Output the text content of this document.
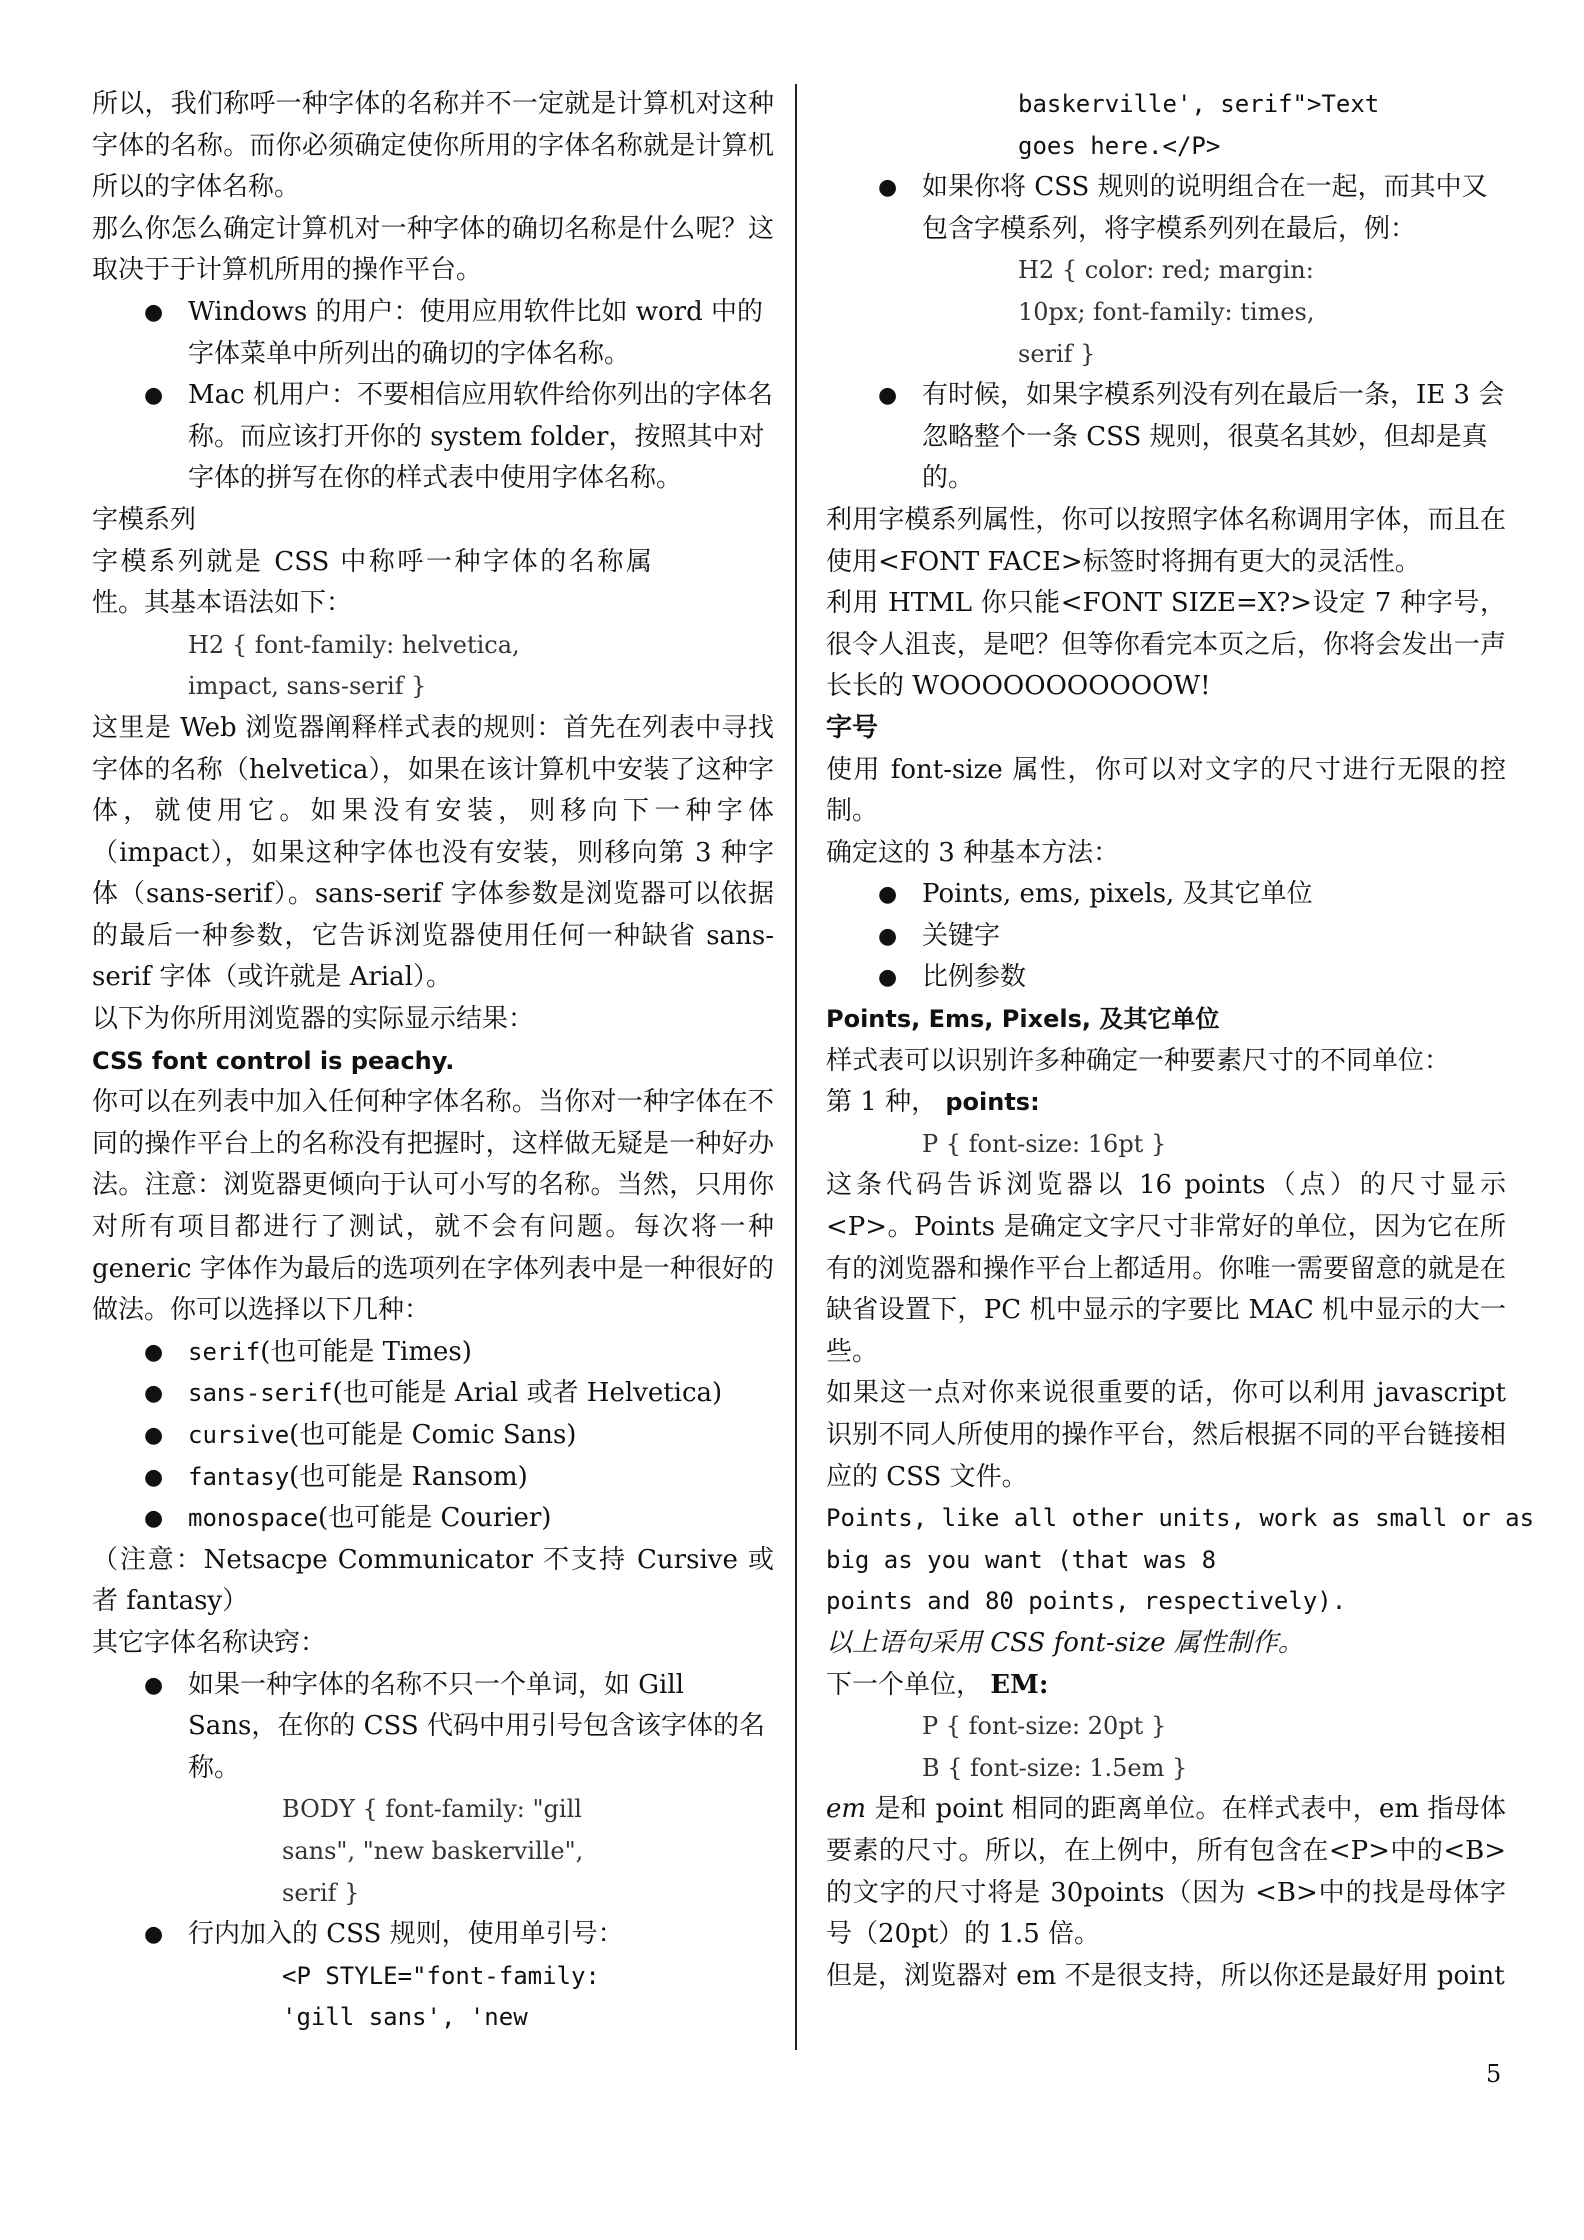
所以，我们称呼一种字体的名称并不一定就是计算机对这种字体的名称。而你必须确定使你所用的字体名称就是计算机所以的字体名称。

那么你怎么确定计算机对一种字体的确切名称是什么呢？这取决于于计算机所用的操作平台。

● Windows 的用户：使用应用软件比如 word 中的字体菜单中所列出的确切的字体名称。
● Mac 机用户：不要相信应用软件给你列出的字体名称。而应该打开你的 system folder，按照其中对字体的拼写在你的样式表中使用字体名称。

字模系列

字模系列就是 CSS 中称呼一种字体的名称属性。其基本语法如下：

H2 { font-family: helvetica,
impact, sans-serif }

这里是 Web 浏览器阐释样式表的规则：首先在列表中寻找字体的名称（helvetica），如果在该计算机中安装了这种字体，就使用它。如果没有安装，则移向下一种字体（impact），如果这种字体也没有安装，则移向第 3 种字体（sans-serif）。sans-serif 字体参数是浏览器可以依据的最后一种参数，它告诉浏览器使用任何一种缺省 sans-serif 字体（或许就是 Arial）。

以下为你所用浏览器的实际显示结果：

CSS font control is peachy.

你可以在列表中加入任何种字体名称。当你对一种字体在不同的操作平台上的名称没有把握时，这样做无疑是一种好办法。注意：浏览器更倾向于认可小写的名称。当然，只用你对所有项目都进行了测试，就不会有问题。每次将一种 generic 字体作为最后的选项列在字体列表中是一种很好的做法。你可以选择以下几种：

● serif(也可能是 Times)
● sans-serif(也可能是 Arial 或者 Helvetica)
● cursive(也可能是 Comic Sans)
● fantasy(也可能是 Ransom)
● monospace(也可能是 Courier)

（注意：Netsacpe Communicator 不支持 Cursive 或者 fantasy）

其它字体名称诀窍：

● 如果一种字体的名称不只一个单词，如 Gill Sans，在你的 CSS 代码中用引号包含该字体的名称。
BODY { font-family: "gill
sans", "new baskerville",
serif }
● 行内加入的 CSS 规则，使用单引号：
<P STYLE="font-family:
'gill sans', 'new
baskerville', serif">Text
goes here.</P>
● 如果你将 CSS 规则的说明组合在一起，而其中又包含字模系列，将字模系列列在最后，例：
H2 { color: red; margin:
10px; font-family: times,
serif }
● 有时候，如果字模系列没有列在最后一条，IE 3 会忽略整个一条 CSS 规则，很莫名其妙，但却是真的。

利用字模系列属性，你可以按照字体名称调用字体，而且在使用<FONT FACE>标签时将拥有更大的灵活性。

利用 HTML 你只能<FONT SIZE=X?>设定 7 种字号，很令人沮丧，是吧？但等你看完本页之后，你将会发出一声长长的 WOOOOOOOOOOOW!

字号

使用 font-size 属性，你可以对文字的尺寸进行无限的控制。

确定这的 3 种基本方法：

● Points, ems, pixels, 及其它单位
● 关键字
● 比例参数

Points, Ems, Pixels, 及其它单位

样式表可以识别许多种确定一种要素尺寸的不同单位：

第 1 种， points:

P { font-size: 16pt }

这条代码告诉浏览器以 16 points（点）的尺寸显示<P>。Points 是确定文字尺寸非常好的单位，因为它在所有的浏览器和操作平台上都适用。你唯一需要留意的就是在缺省设置下，PC 机中显示的字要比 MAC 机中显示的大一些。

如果这一点对你来说很重要的话，你可以利用 javascript 识别不同人所使用的操作平台，然后根据不同的平台链接相应的 CSS 文件。

Points, like all other units, work as small or as
big as you want (that was 8
points and 80 points, respectively).

以上语句采用 CSS font-size 属性制作。

下一个单位， EM:

P { font-size: 20pt }
B { font-size: 1.5em }

em 是和 point 相同的距离单位。在样式表中，em 指母体要素的尺寸。所以，在上例中，所有包含在<P>中的<B>的文字的尺寸将是 30points（因为 <B>中的找是母体字号（20pt）的 1.5 倍。

但是，浏览器对 em 不是很支持，所以你还是最好用 point

5
